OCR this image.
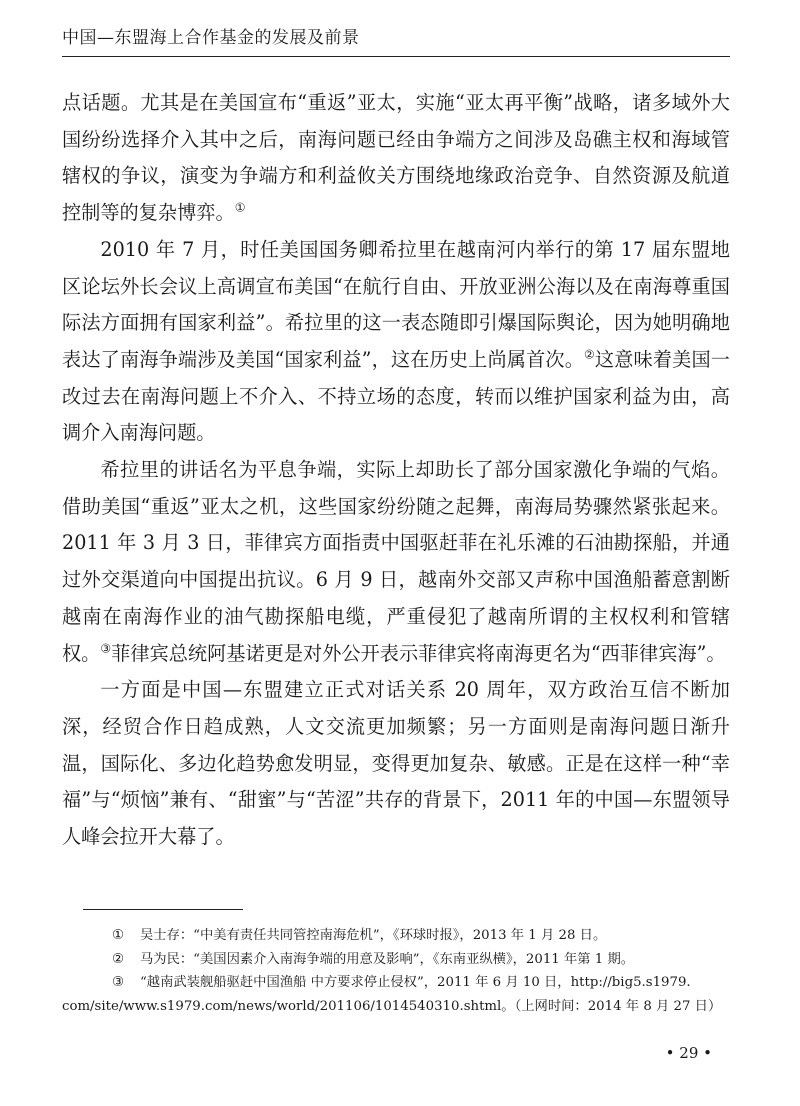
中国—东盟海上合作基金的发展及前景

点话题。尤其是在美国宣布“重返”亚太，实施“亚太再平衡”战略，诸多域外大国纷纷选择介入其中之后，南海问题已经由争端方之间涉及岛礁主权和海域管辖权的争议，演变为争端方和利益攸关方围绕地缘政治竞争、自然资源及航道控制等的复杂博弈。①

2010 年 7 月，时任美国国务卿希拉里在越南河内举行的第 17 届东盟地区论坛外长会议上高调宣布美国“在航行自由、开放亚洲公海以及在南海尊重国际法方面拥有国家利益”。希拉里的这一表态随即引爆国际舆论，因为她明确地表达了南海争端涉及美国“国家利益”，这在历史上尚属首次。②这意味着美国一改过去在南海问题上不介入、不持立场的态度，转而以维护国家利益为由，高调介入南海问题。

希拉里的讲话名为平息争端，实际上却助长了部分国家激化争端的气焰。借助美国“重返”亚太之机，这些国家纷纷随之起舞，南海局势骤然紧张起来。2011 年 3 月 3 日，菲律宾方面指责中国驱赶菲在礼乐滩的石油勘探船，并通过外交渠道向中国提出抗议。6 月 9 日，越南外交部又声称中国渔船蓄意割断越南在南海作业的油气勘探船电缆，严重侵犯了越南所谓的主权权利和管辖权。③菲律宾总统阿基诺更是对外公开表示菲律宾将南海更名为“西菲律宾海”。

一方面是中国—东盟建立正式对话关系 20 周年，双方政治互信不断加深，经贸合作日趋成熟，人文交流更加频繁；另一方面则是南海问题日渐升温，国际化、多边化趋势愈发明显，变得更加复杂、敏感。正是在这样一种“幸福”与“烦恼”兼有、“甜蜜”与“苦涩”共存的背景下，2011 年的中国—东盟领导人峰会拉开大幕了。

① 吴士存：“中美有责任共同管控南海危机”，《环球时报》，2013 年 1 月 28 日。

② 马为民：“美国因素介入南海争端的用意及影响”，《东南亚纵横》，2011 年第 1 期。

③ “越南武装舰船驱赶中国渔船 中方要求停止侵权”，2011 年 6 月 10 日，http://big5.s1979.

com/site/www.s1979.com/news/world/201106/1014540310.shtml。（上网时间：2014 年 8 月 27 日）

• 29 •
